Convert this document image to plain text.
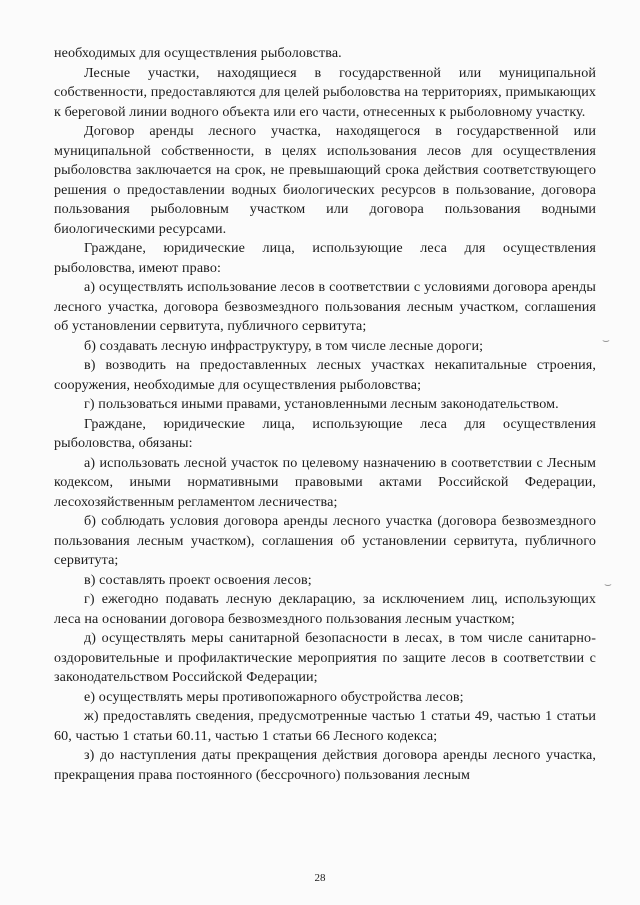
необходимых для осуществления рыболовства.

Лесные участки, находящиеся в государственной или муниципальной собственности, предоставляются для целей рыболовства на территориях, примыкающих к береговой линии водного объекта или его части, отнесенных к рыболовному участку.

Договор аренды лесного участка, находящегося в государственной или муниципальной собственности, в целях использования лесов для осуществления рыболовства заключается на срок, не превышающий срока действия соответствующего решения о предоставлении водных биологических ресурсов в пользование, договора пользования рыболовным участком или договора пользования водными биологическими ресурсами.

Граждане, юридические лица, использующие леса для осуществления рыболовства, имеют право:

а) осуществлять использование лесов в соответствии с условиями договора аренды лесного участка, договора безвозмездного пользования лесным участком, соглашения об установлении сервитута, публичного сервитута;

б) создавать лесную инфраструктуру, в том числе лесные дороги;

в) возводить на предоставленных лесных участках некапитальные строения, сооружения, необходимые для осуществления рыболовства;

г) пользоваться иными правами, установленными лесным законодательством.

Граждане, юридические лица, использующие леса для осуществления рыболовства, обязаны:

а) использовать лесной участок по целевому назначению в соответствии с Лесным кодексом, иными нормативными правовыми актами Российской Федерации, лесохозяйственным регламентом лесничества;

б) соблюдать условия договора аренды лесного участка (договора безвозмездного пользования лесным участком), соглашения об установлении сервитута, публичного сервитута;

в) составлять проект освоения лесов;

г) ежегодно подавать лесную декларацию, за исключением лиц, использующих леса на основании договора безвозмездного пользования лесным участком;

д) осуществлять меры санитарной безопасности в лесах, в том числе санитарно-оздоровительные и профилактические мероприятия по защите лесов в соответствии с законодательством Российской Федерации;

е) осуществлять меры противопожарного обустройства лесов;

ж) предоставлять сведения, предусмотренные частью 1 статьи 49, частью 1 статьи 60, частью 1 статьи 60.11, частью 1 статьи 66 Лесного кодекса;

з) до наступления даты прекращения действия договора аренды лесного участка, прекращения права постоянного (бессрочного) пользования лесным

⌣
⌣
28
